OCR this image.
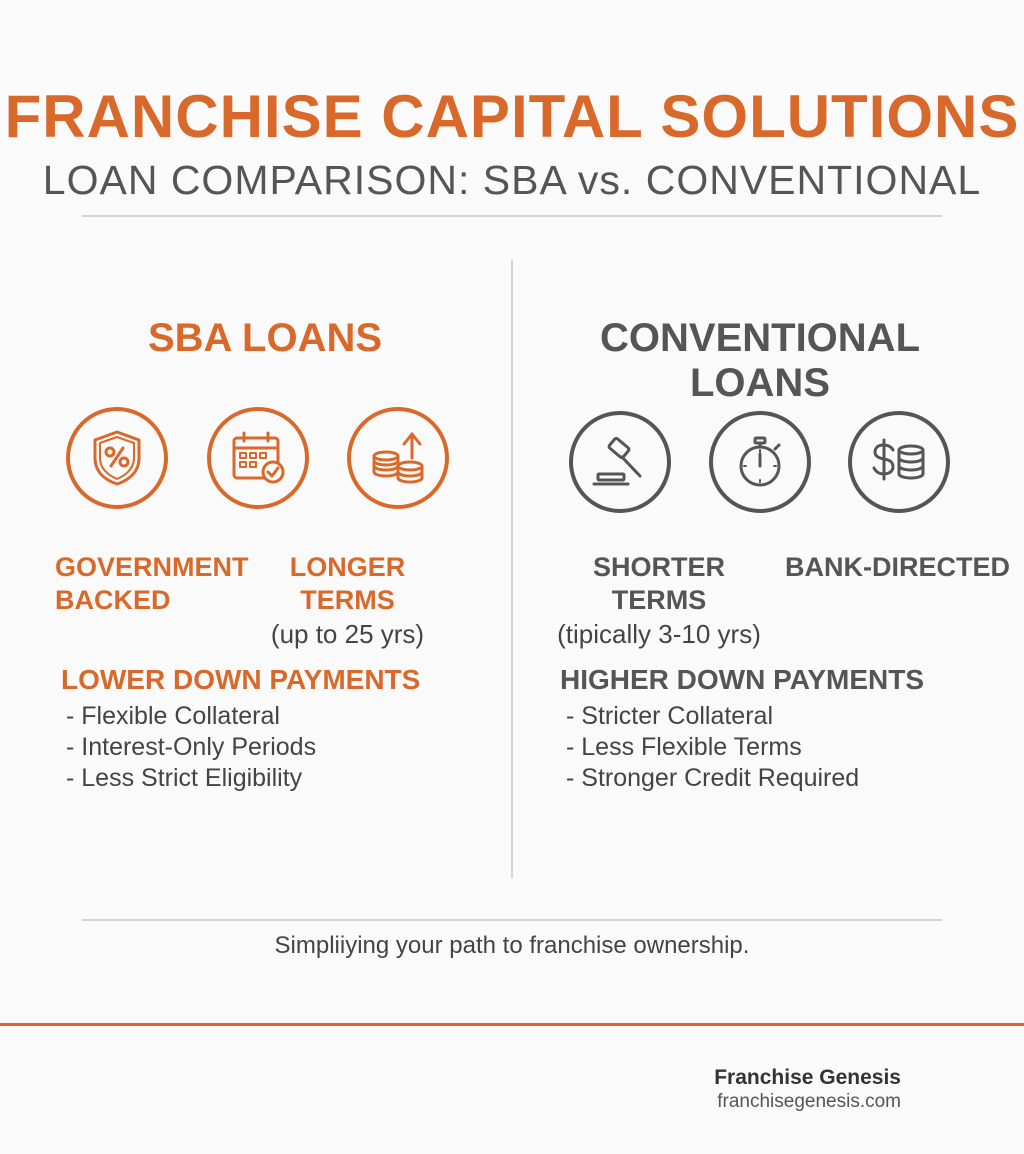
FRANCHISE CAPITAL SOLUTIONS
LOAN COMPARISON: SBA vs. CONVENTIONAL
SBA LOANS
GOVERNMENT
BACKED
LONGER TERMS
(up to 25 yrs)
LOWER DOWN PAYMENTS
- Flexible Collateral
- Interest-Only Periods
- Less Strict Eligibility
CONVENTIONAL LOANS
SHORTER TERMS
(tipically 3-10 yrs)
BANK-DIRECTED
HIGHER DOWN PAYMENTS
- Stricter Collateral
- Less Flexible Terms
- Stronger Credit Required
Simpliiying your path to franchise ownership.
Franchise Genesis
franchisegenesis.com
